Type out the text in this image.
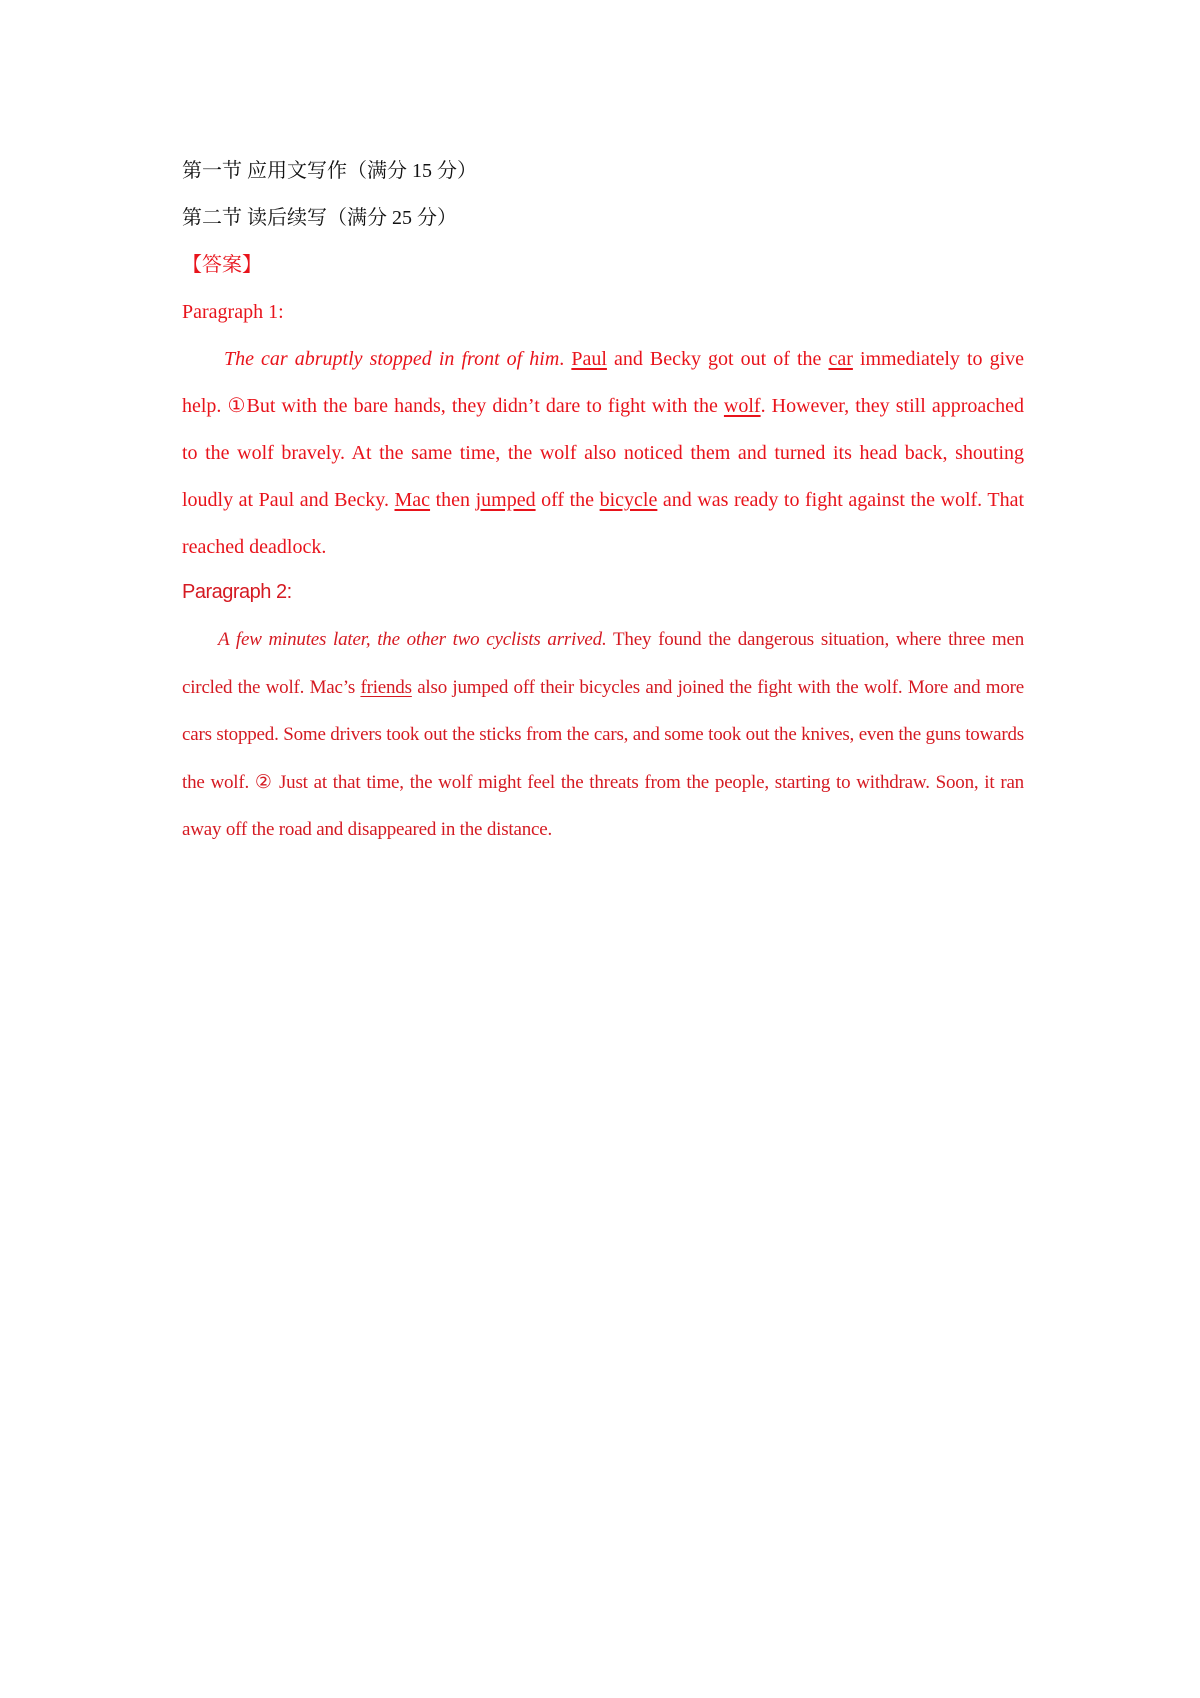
第一节 应用文写作（满分 15 分）
第二节 读后续写（满分 25 分）
【答案】
Paragraph 1:

The car abruptly stopped in front of him. Paul and Becky got out of the car immediately to give help. ①But with the bare hands, they didn’t dare to fight with the wolf. However, they still approached to the wolf bravely. At the same time, the wolf also noticed them and turned its head back, shouting loudly at Paul and Becky. Mac then jumped off the bicycle and was ready to fight against the wolf. That reached deadlock.

Paragraph 2:

A few minutes later, the other two cyclists arrived. They found the dangerous situation, where three men circled the wolf. Mac’s friends also jumped off their bicycles and joined the fight with the wolf. More and more cars stopped. Some drivers took out the sticks from the cars, and some took out the knives, even the guns towards the wolf. ② Just at that time, the wolf might feel the threats from the people, starting to withdraw. Soon, it ran away off the road and disappeared in the distance.
